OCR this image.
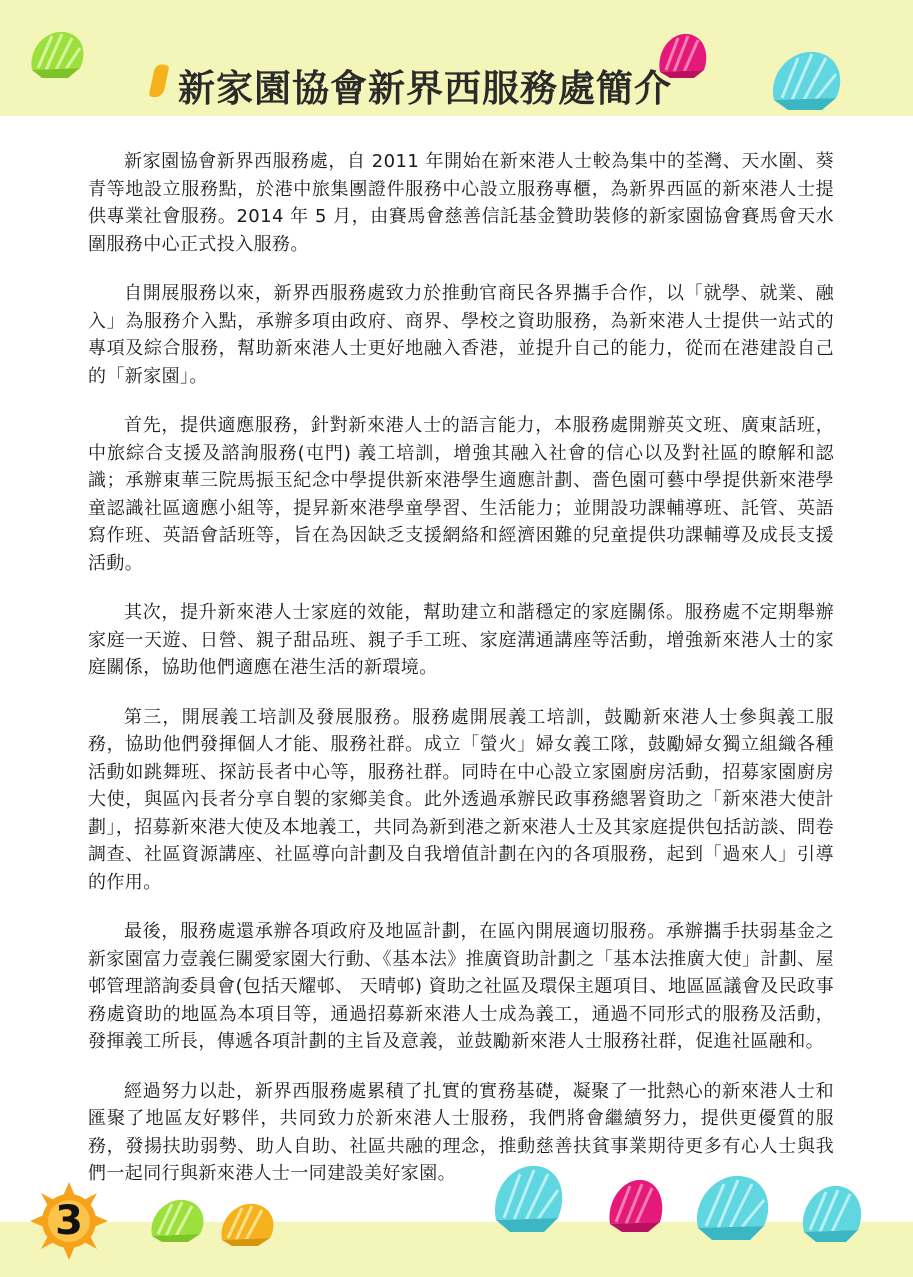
新家園協會新界西服務處簡介

新家園協會新界西服務處，自 2011 年開始在新來港人士較為集中的荃灣、天水圍、葵青等地設立服務點，於港中旅集團證件服務中心設立服務專櫃，為新界西區的新來港人士提供專業社會服務。2014 年 5 月，由賽馬會慈善信託基金贊助裝修的新家園協會賽馬會天水圍服務中心正式投入服務。

自開展服務以來，新界西服務處致力於推動官商民各界攜手合作，以「就學、就業、融入」為服務介入點，承辦多項由政府、商界、學校之資助服務，為新來港人士提供一站式的專項及綜合服務，幫助新來港人士更好地融入香港，並提升自己的能力，從而在港建設自己的「新家園」。

首先，提供適應服務，針對新來港人士的語言能力，本服務處開辦英文班、廣東話班，中旅綜合支援及諮詢服務(屯門) 義工培訓，增強其融入社會的信心以及對社區的瞭解和認識；承辦東華三院馬振玉紀念中學提供新來港學生適應計劃、嗇色園可藝中學提供新來港學童認識社區適應小組等，提昇新來港學童學習、生活能力；並開設功課輔導班、託管、英語寫作班、英語會話班等，旨在為因缺乏支援網絡和經濟困難的兒童提供功課輔導及成長支援活動。

其次，提升新來港人士家庭的效能，幫助建立和諧穩定的家庭關係。服務處不定期舉辦家庭一天遊、日營、親子甜品班、親子手工班、家庭溝通講座等活動，增強新來港人士的家庭關係，協助他們適應在港生活的新環境。

第三，開展義工培訓及發展服務。服務處開展義工培訓，鼓勵新來港人士參與義工服務，協助他們發揮個人才能、服務社群。成立「螢火」婦女義工隊，鼓勵婦女獨立組織各種活動如跳舞班、探訪長者中心等，服務社群。同時在中心設立家園廚房活動，招募家園廚房大使，與區內長者分享自製的家鄉美食。此外透過承辦民政事務總署資助之「新來港大使計劃」，招募新來港大使及本地義工，共同為新到港之新來港人士及其家庭提供包括訪談、問卷調查、社區資源講座、社區導向計劃及自我增值計劃在內的各項服務，起到「過來人」引導的作用。

最後，服務處還承辦各項政府及地區計劃，在區內開展適切服務。承辦攜手扶弱基金之新家園富力壹義仨關愛家園大行動、《基本法》推廣資助計劃之「基本法推廣大使」計劃、屋邨管理諮詢委員會(包括天耀邨、 天晴邨) 資助之社區及環保主題項目、地區區議會及民政事務處資助的地區為本項目等，通過招募新來港人士成為義工，通過不同形式的服務及活動，發揮義工所長，傳遞各項計劃的主旨及意義，並鼓勵新來港人士服務社群，促進社區融和。

經過努力以赴，新界西服務處累積了扎實的實務基礎，凝聚了一批熱心的新來港人士和匯聚了地區友好夥伴，共同致力於新來港人士服務，我們將會繼續努力，提供更優質的服務，發揚扶助弱勢、助人自助、社區共融的理念，推動慈善扶貧事業期待更多有心人士與我們一起同行與新來港人士一同建設美好家園。

3
